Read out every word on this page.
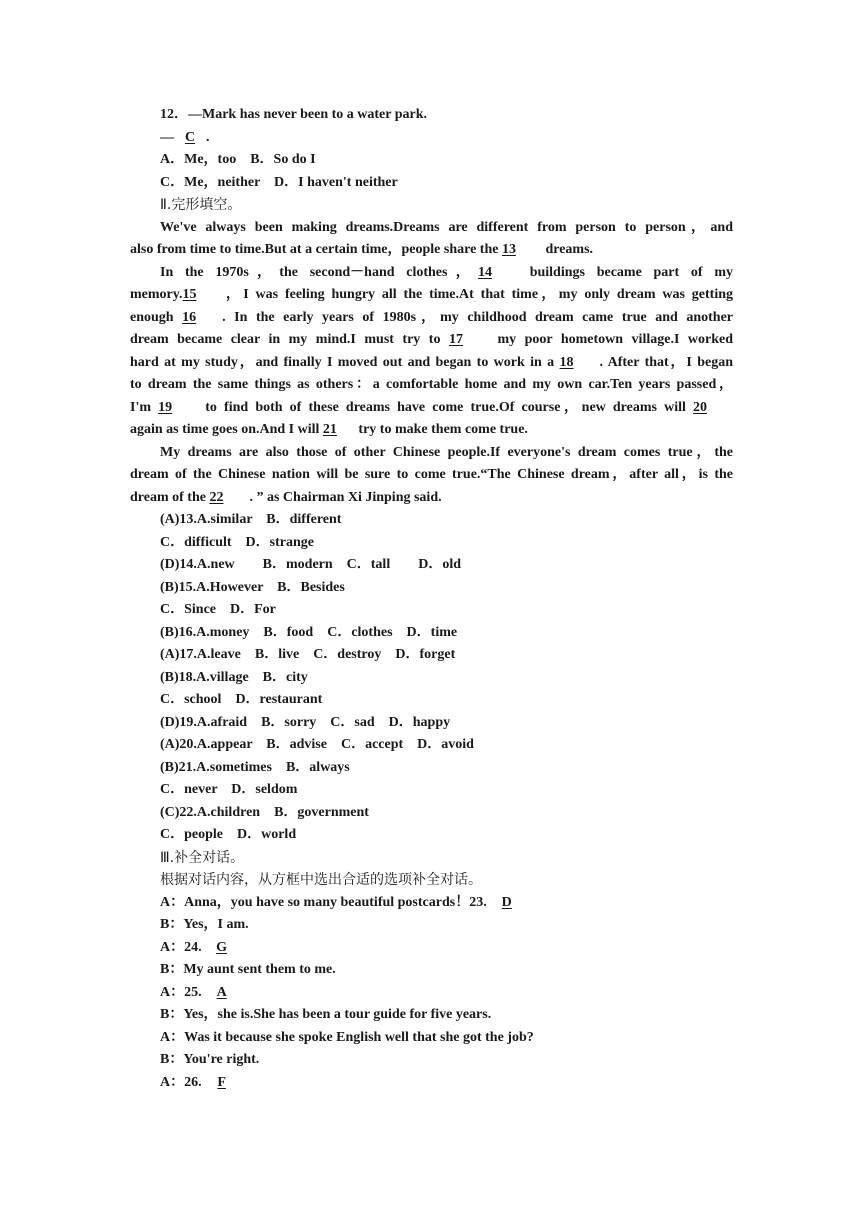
12．—Mark has never been to a water park.
— C .
A．Me，too　B．So do I
C．Me，neither　D．I haven't neither
Ⅱ.完形填空。
We've always been making dreams.Dreams are different from person to person，and
also from time to time.But at a certain time，people share the 13 dreams.
In the 1970s，the second－hand clothes，14 buildings became part of my
memory.15 ，I was feeling hungry all the time.At that time，my only dream was getting
enough 16 . In the early years of 1980s，my childhood dream came true and another
dream became clear in my mind.I must try to 17 my poor hometown village.I worked
hard at my study，and finally I moved out and began to work in a 18 . After that，I began
to dream the same things as others：a comfortable home and my own car.Ten years passed，
I'm 19 to find both of these dreams have come true.Of course，new dreams will 20
again as time goes on.And I will 21 try to make them come true.
My dreams are also those of other Chinese people.If everyone's dream comes true，the
dream of the Chinese nation will be sure to come true.“The Chinese dream，after all，is the
dream of the 22 . ” as Chairman Xi Jinping said.
(A)13.A.similar　B．different
C．difficult　D．strange
(D)14.A.new　　B．modern　C．tall　　D．old
(B)15.A.However　B．Besides
C．Since　D．For
(B)16.A.money　B．food　C．clothes　D．time
(A)17.A.leave　B．live　C．destroy　D．forget
(B)18.A.village　B．city
C．school　D．restaurant
(D)19.A.afraid　B．sorry　C．sad　D．happy
(A)20.A.appear　B．advise　C．accept　D．avoid
(B)21.A.sometimes　B．always
C．never　D．seldom
(C)22.A.children　B．government
C．people　D．world
Ⅲ.补全对话。
根据对话内容，从方框中选出合适的选项补全对话。
A：Anna，you have so many beautiful postcards！23. D
B：Yes，I am.
A：24. G
B：My aunt sent them to me.
A：25. A
B：Yes，she is.She has been a tour guide for five years.
A：Was it because she spoke English well that she got the job?
B：You're right.
A：26. F
